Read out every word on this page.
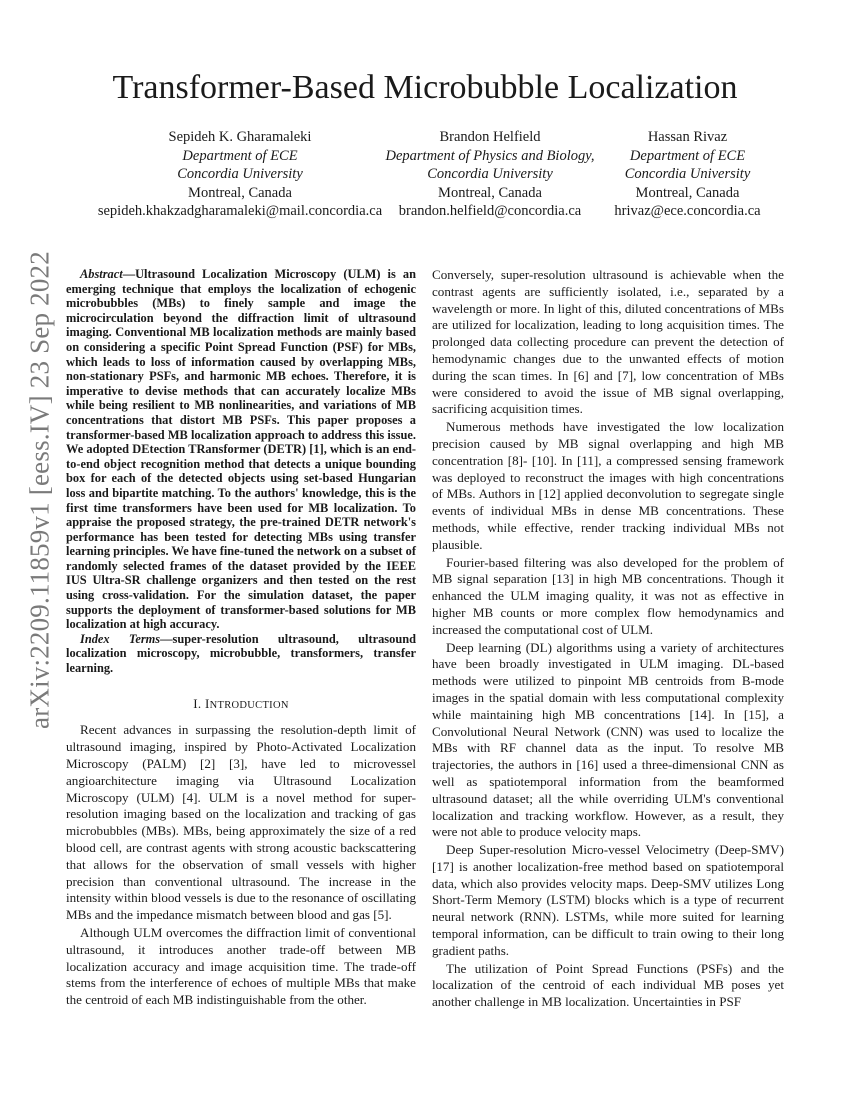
Transformer-Based Microbubble Localization
Sepideh K. Gharamaleki
Department of ECE
Concordia University
Montreal, Canada
sepideh.khakzadgharamaleki@mail.concordia.ca
Brandon Helfield
Department of Physics and Biology,
Concordia University
Montreal, Canada
brandon.helfield@concordia.ca
Hassan Rivaz
Department of ECE
Concordia University
Montreal, Canada
hrivaz@ece.concordia.ca
arXiv:2209.11859v1 [eess.IV] 23 Sep 2022	Abstract—Ultrasound Localization Microscopy (ULM) is an emerging technique that employs the localization of echogenic microbubbles (MBs) to finely sample and image the microcirculation beyond the diffraction limit of ultrasound imaging. Conventional MB localization methods are mainly based on considering a specific Point Spread Function (PSF) for MBs, which leads to loss of information caused by overlapping MBs, non-stationary PSFs, and harmonic MB echoes. Therefore, it is imperative to devise methods that can accurately localize MBs while being resilient to MB nonlinearities, and variations of MB concentrations that distort MB PSFs. This paper proposes a transformer-based MB localization approach to address this issue. We adopted DEtection TRansformer (DETR) [1], which is an end-to-end object recognition method that detects a unique bounding box for each of the detected objects using set-based Hungarian loss and bipartite matching. To the authors' knowledge, this is the first time transformers have been used for MB localization. To appraise the proposed strategy, the pre-trained DETR network's performance has been tested for detecting MBs using transfer learning principles. We have fine-tuned the network on a subset of randomly selected frames of the dataset provided by the IEEE IUS Ultra-SR challenge organizers and then tested on the rest using cross-validation. For the simulation dataset, the paper supports the deployment of transformer-based solutions for MB localization at high accuracy.

Index Terms—super-resolution ultrasound, ultrasound localization microscopy, microbubble, transformers, transfer learning.

I. INTRODUCTION

Recent advances in surpassing the resolution-depth limit of ultrasound imaging, inspired by Photo-Activated Localization Microscopy (PALM) [2] [3], have led to microvessel angioarchitecture imaging via Ultrasound Localization Microscopy (ULM) [4]. ULM is a novel method for super-resolution imaging based on the localization and tracking of gas microbubbles (MBs). MBs, being approximately the size of a red blood cell, are contrast agents with strong acoustic backscattering that allows for the observation of small vessels with higher precision than conventional ultrasound. The increase in the intensity within blood vessels is due to the resonance of oscillating MBs and the impedance mismatch between blood and gas [5].

Although ULM overcomes the diffraction limit of conventional ultrasound, it introduces another trade-off between MB localization accuracy and image acquisition time. The trade-off stems from the interference of echoes of multiple MBs that make the centroid of each MB indistinguishable from the other.

Conversely, super-resolution ultrasound is achievable when the contrast agents are sufficiently isolated, i.e., separated by a wavelength or more. In light of this, diluted concentrations of MBs are utilized for localization, leading to long acquisition times. The prolonged data collecting procedure can prevent the detection of hemodynamic changes due to the unwanted effects of motion during the scan times. In [6] and [7], low concentration of MBs were considered to avoid the issue of MB signal overlapping, sacrificing acquisition times.

Numerous methods have investigated the low localization precision caused by MB signal overlapping and high MB concentration [8]- [10]. In [11], a compressed sensing framework was deployed to reconstruct the images with high concentrations of MBs. Authors in [12] applied deconvolution to segregate single events of individual MBs in dense MB concentrations. These methods, while effective, render tracking individual MBs not plausible.

Fourier-based filtering was also developed for the problem of MB signal separation [13] in high MB concentrations. Though it enhanced the ULM imaging quality, it was not as effective in higher MB counts or more complex flow hemodynamics and increased the computational cost of ULM.

Deep learning (DL) algorithms using a variety of architectures have been broadly investigated in ULM imaging. DL-based methods were utilized to pinpoint MB centroids from B-mode images in the spatial domain with less computational complexity while maintaining high MB concentrations [14]. In [15], a Convolutional Neural Network (CNN) was used to localize the MBs with RF channel data as the input. To resolve MB trajectories, the authors in [16] used a three-dimensional CNN as well as spatiotemporal information from the beamformed ultrasound dataset; all the while overriding ULM's conventional localization and tracking workflow. However, as a result, they were not able to produce velocity maps.

Deep Super-resolution Micro-vessel Velocimetry (Deep-SMV) [17] is another localization-free method based on spatiotemporal data, which also provides velocity maps. Deep-SMV utilizes Long Short-Term Memory (LSTM) blocks which is a type of recurrent neural network (RNN). LSTMs, while more suited for learning temporal information, can be difficult to train owing to their long gradient paths.

The utilization of Point Spread Functions (PSFs) and the localization of the centroid of each individual MB poses yet another challenge in MB localization. Uncertainties in PSF
